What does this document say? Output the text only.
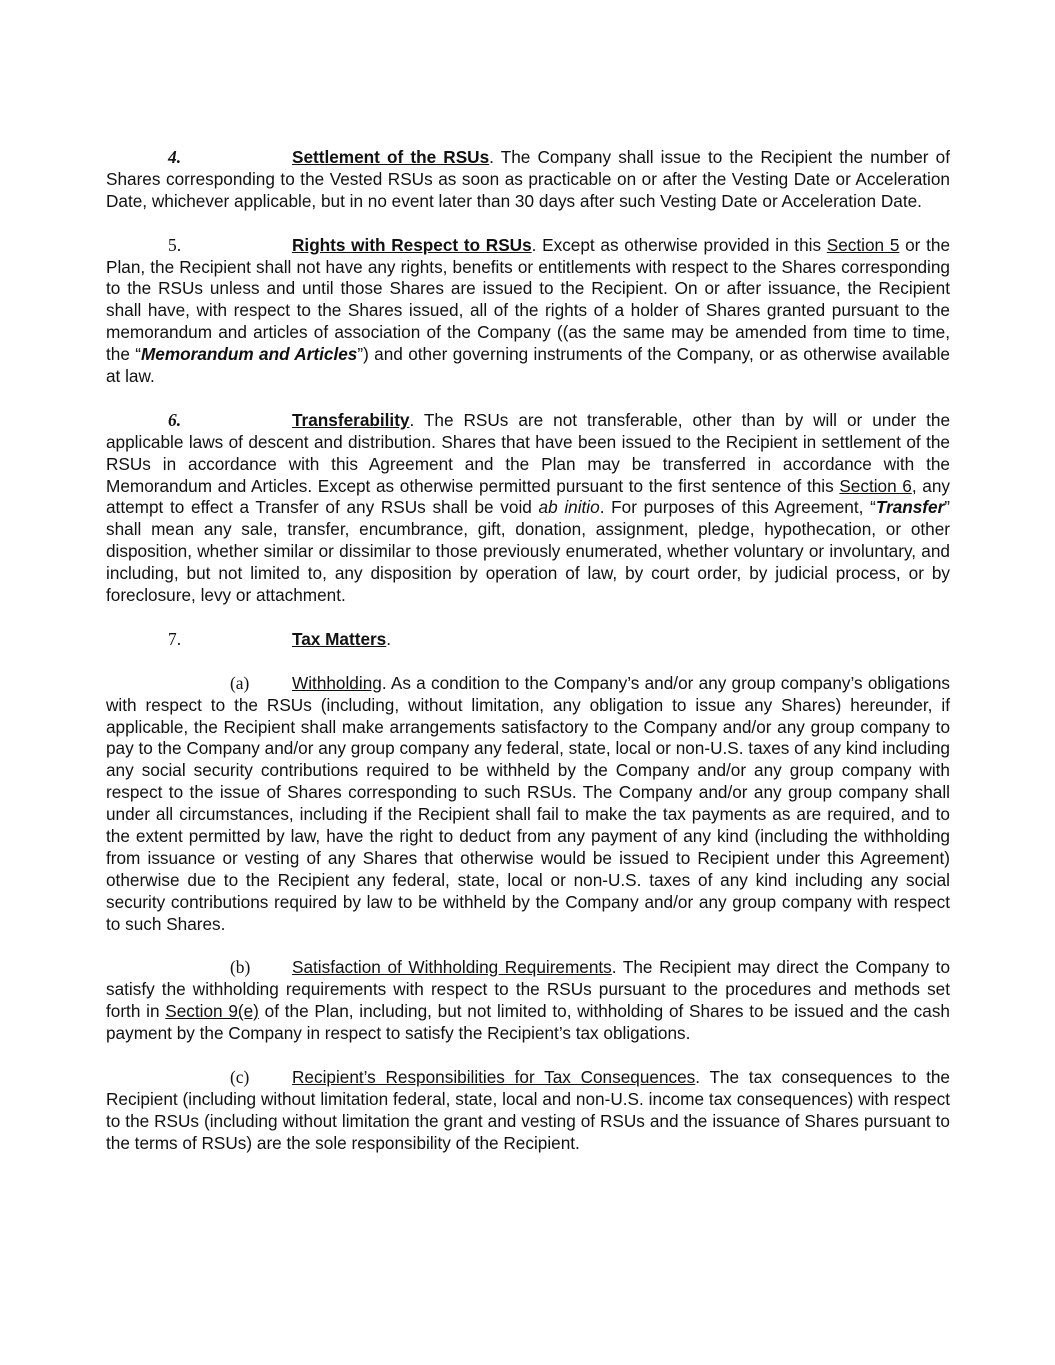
4.	Settlement of the RSUs. The Company shall issue to the Recipient the number of Shares corresponding to the Vested RSUs as soon as practicable on or after the Vesting Date or Acceleration Date, whichever applicable, but in no event later than 30 days after such Vesting Date or Acceleration Date.

5.	Rights with Respect to RSUs. Except as otherwise provided in this Section 5 or the Plan, the Recipient shall not have any rights, benefits or entitlements with respect to the Shares corresponding to the RSUs unless and until those Shares are issued to the Recipient. On or after issuance, the Recipient shall have, with respect to the Shares issued, all of the rights of a holder of Shares granted pursuant to the memorandum and articles of association of the Company ((as the same may be amended from time to time, the “Memorandum and Articles”) and other governing instruments of the Company, or as otherwise available at law.

6.	Transferability. The RSUs are not transferable, other than by will or under the applicable laws of descent and distribution. Shares that have been issued to the Recipient in settlement of the RSUs in accordance with this Agreement and the Plan may be transferred in accordance with the Memorandum and Articles. Except as otherwise permitted pursuant to the first sentence of this Section 6, any attempt to effect a Transfer of any RSUs shall be void ab initio. For purposes of this Agreement, “Transfer” shall mean any sale, transfer, encumbrance, gift, donation, assignment, pledge, hypothecation, or other disposition, whether similar or dissimilar to those previously enumerated, whether voluntary or involuntary, and including, but not limited to, any disposition by operation of law, by court order, by judicial process, or by foreclosure, levy or attachment.

7.	Tax Matters.

(a) Withholding. As a condition to the Company’s and/or any group company’s obligations with respect to the RSUs (including, without limitation, any obligation to issue any Shares) hereunder, if applicable, the Recipient shall make arrangements satisfactory to the Company and/or any group company to pay to the Company and/or any group company any federal, state, local or non-U.S. taxes of any kind including any social security contributions required to be withheld by the Company and/or any group company with respect to the issue of Shares corresponding to such RSUs. The Company and/or any group company shall under all circumstances, including if the Recipient shall fail to make the tax payments as are required, and to the extent permitted by law, have the right to deduct from any payment of any kind (including the withholding from issuance or vesting of any Shares that otherwise would be issued to Recipient under this Agreement) otherwise due to the Recipient any federal, state, local or non-U.S. taxes of any kind including any social security contributions required by law to be withheld by the Company and/or any group company with respect to such Shares.

(b) Satisfaction of Withholding Requirements. The Recipient may direct the Company to satisfy the withholding requirements with respect to the RSUs pursuant to the procedures and methods set forth in Section 9(e) of the Plan, including, but not limited to, withholding of Shares to be issued and the cash payment by the Company in respect to satisfy the Recipient’s tax obligations.

(c) Recipient’s Responsibilities for Tax Consequences. The tax consequences to the Recipient (including without limitation federal, state, local and non-U.S. income tax consequences) with respect to the RSUs (including without limitation the grant and vesting of RSUs and the issuance of Shares pursuant to the terms of RSUs) are the sole responsibility of the Recipient.
